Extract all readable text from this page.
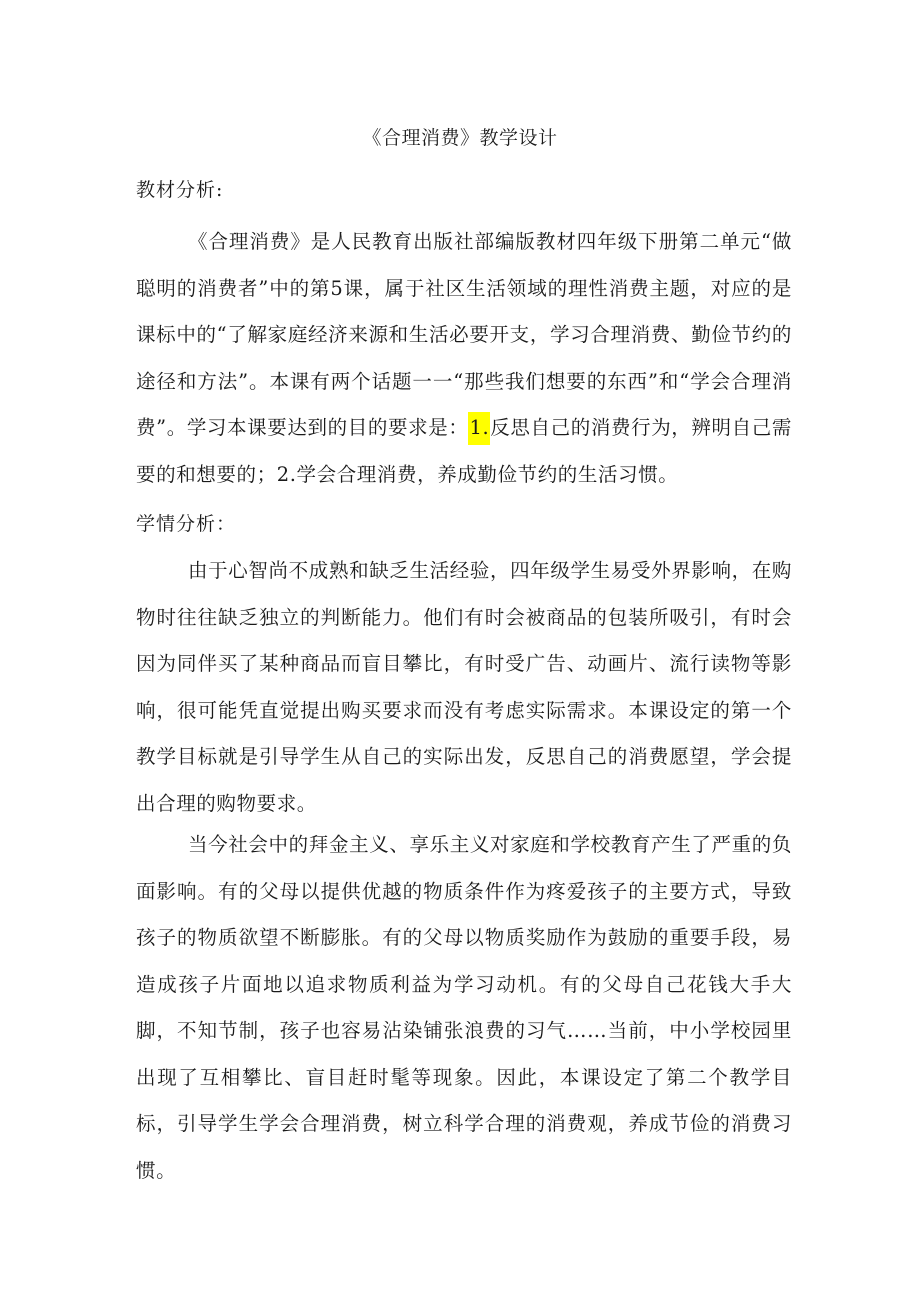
《合理消费》教学设计
教材分析:
《合理消费》是人民教育出版社部编版教材四年级下册第二单元“做聪明的消费者”中的第5课，属于社区生活领域的理性消费主题，对应的是课标中的“了解家庭经济来源和生活必要开支，学习合理消费、勤俭节约的途径和方法”。本课有两个话题一一“那些我们想要的东西”和“学会合理消费”。学习本课要达到的目的要求是：1.反思自己的消费行为，辨明自己需要的和想要的；2.学会合理消费，养成勤俭节约的生活习惯。
学情分析：
由于心智尚不成熟和缺乏生活经验，四年级学生易受外界影响，在购物时往往缺乏独立的判断能力。他们有时会被商品的包装所吸引，有时会因为同伴买了某种商品而盲目攀比，有时受广告、动画片、流行读物等影响，很可能凭直觉提出购买要求而没有考虑实际需求。本课设定的第一个教学目标就是引导学生从自己的实际出发，反思自己的消费愿望，学会提出合理的购物要求。
当今社会中的拜金主义、享乐主义对家庭和学校教育产生了严重的负面影响。有的父母以提供优越的物质条件作为疼爱孩子的主要方式，导致孩子的物质欲望不断膨胀。有的父母以物质奖励作为鼓励的重要手段，易造成孩子片面地以追求物质利益为学习动机。有的父母自己花钱大手大脚，不知节制，孩子也容易沾染铺张浪费的习气……当前，中小学校园里出现了互相攀比、盲目赶时髦等现象。因此，本课设定了第二个教学目标，引导学生学会合理消费，树立科学合理的消费观，养成节俭的消费习惯。
